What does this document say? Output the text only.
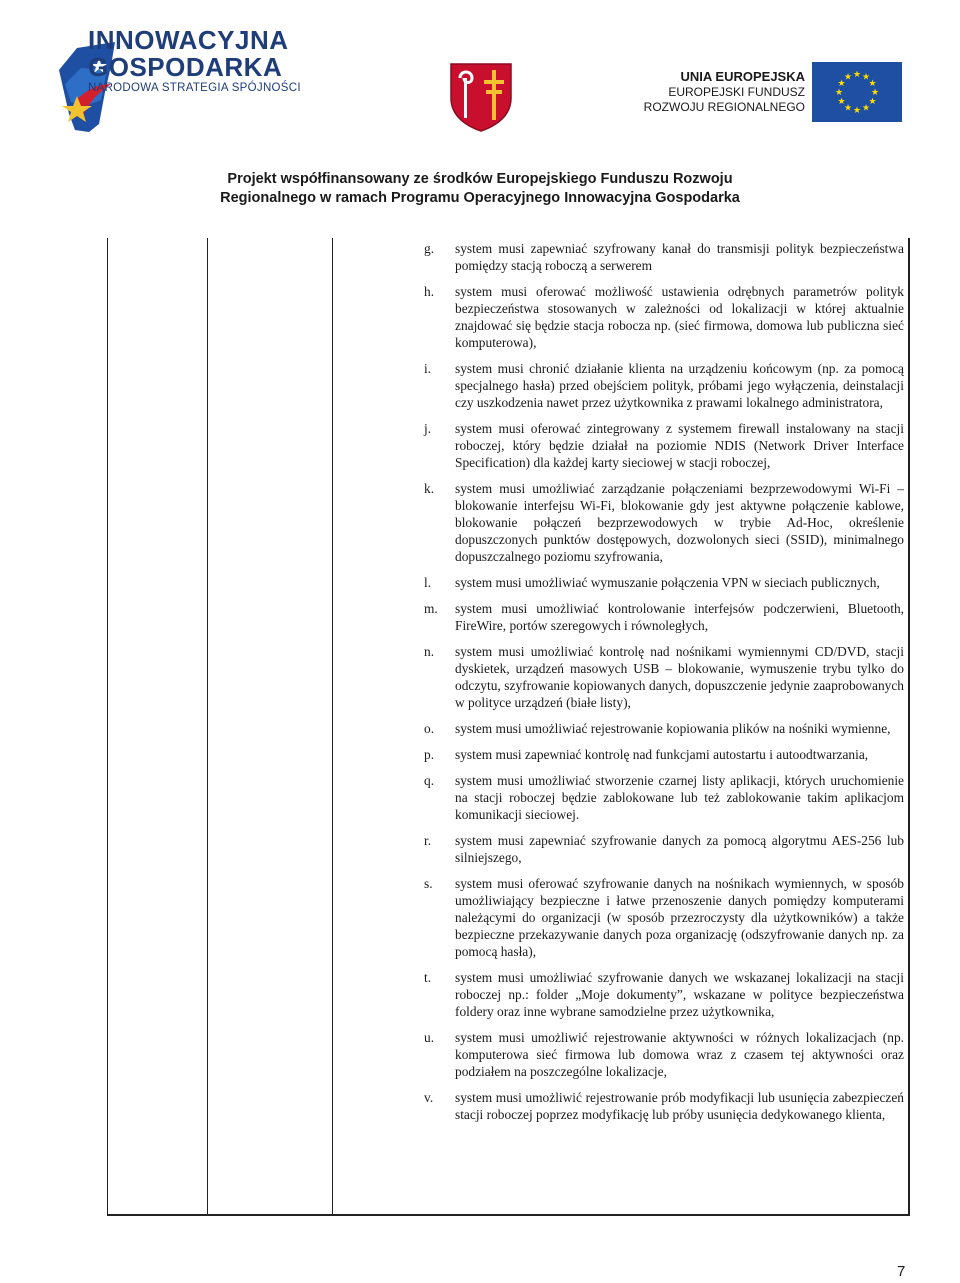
INNOWACYJNA GOSPODARKA
NARODOWA STRATEGIA SPÓJNOŚCI
UNIA EUROPEJSKA
EUROPEJSKI FUNDUSZ
ROZWOJU REGIONALNEGO
★ ★
★
★
★
★
★
★
★
★
★
★
Projekt współfinansowany ze środków Europejskiego Funduszu Rozwoju
Regionalnego w ramach Programu Operacyjnego Innowacyjna Gospodarka
g.	system musi zapewniać szyfrowany kanał do transmisji polityk bezpieczeństwa pomiędzy stacją roboczą a serwerem
h.	system musi oferować możliwość ustawienia odrębnych parametrów polityk bezpieczeństwa stosowanych w zależności od lokalizacji w której aktualnie znajdować się będzie stacja robocza np. (sieć firmowa, domowa lub publiczna sieć komputerowa),
i.	system musi chronić działanie klienta na urządzeniu końcowym (np. za pomocą specjalnego hasła) przed obejściem polityk, próbami jego wyłączenia, deinstalacji czy uszkodzenia nawet przez użytkownika z prawami lokalnego administratora,
j.	system musi oferować zintegrowany z systemem firewall instalowany na stacji roboczej, który będzie działał na poziomie NDIS (Network Driver Interface Specification) dla każdej karty sieciowej w stacji roboczej,
k.	system musi umożliwiać zarządzanie połączeniami bezprzewodowymi Wi-Fi – blokowanie interfejsu Wi-Fi, blokowanie gdy jest aktywne połączenie kablowe, blokowanie połączeń bezprzewodowych w trybie Ad-Hoc, określenie dopuszczonych punktów dostępowych, dozwolonych sieci (SSID), minimalnego dopuszczalnego poziomu szyfrowania,
l.	system musi umożliwiać wymuszanie połączenia VPN w sieciach publicznych,
m.	system musi umożliwiać kontrolowanie interfejsów podczerwieni, Bluetooth, FireWire, portów szeregowych i równoległych,
n.	system musi umożliwiać kontrolę nad nośnikami wymiennymi CD/DVD, stacji dyskietek, urządzeń masowych USB – blokowanie, wymuszenie trybu tylko do odczytu, szyfrowanie kopiowanych danych, dopuszczenie jedynie zaaprobowanych w polityce urządzeń (białe listy),
o.	system musi umożliwiać rejestrowanie kopiowania plików na nośniki wymienne,
p.	system musi zapewniać kontrolę nad funkcjami autostartu i autoodtwarzania,
q.	system musi umożliwiać stworzenie czarnej listy aplikacji, których uruchomienie na stacji roboczej będzie zablokowane lub też zablokowanie takim aplikacjom komunikacji sieciowej.
r.	system musi zapewniać szyfrowanie danych za pomocą algorytmu AES-256 lub silniejszego,
s.	system musi oferować szyfrowanie danych na nośnikach wymiennych, w sposób umożliwiający bezpieczne i łatwe przenoszenie danych pomiędzy komputerami należącymi do organizacji (w sposób przezroczysty dla użytkowników) a także bezpieczne przekazywanie danych poza organizację (odszyfrowanie danych np. za pomocą hasła),
t.	system musi umożliwiać szyfrowanie danych we wskazanej lokalizacji na stacji roboczej np.: folder „Moje dokumenty”, wskazane w polityce bezpieczeństwa foldery oraz inne wybrane samodzielne przez użytkownika,
u.	system musi umożliwić rejestrowanie aktywności w różnych lokalizacjach (np. komputerowa sieć firmowa lub domowa wraz z czasem tej aktywności oraz podziałem na poszczególne lokalizacje,
v.	system musi umożliwić rejestrowanie prób modyfikacji lub usunięcia zabezpieczeń stacji roboczej poprzez modyfikację lub próby usunięcia dedykowanego klienta,
7
